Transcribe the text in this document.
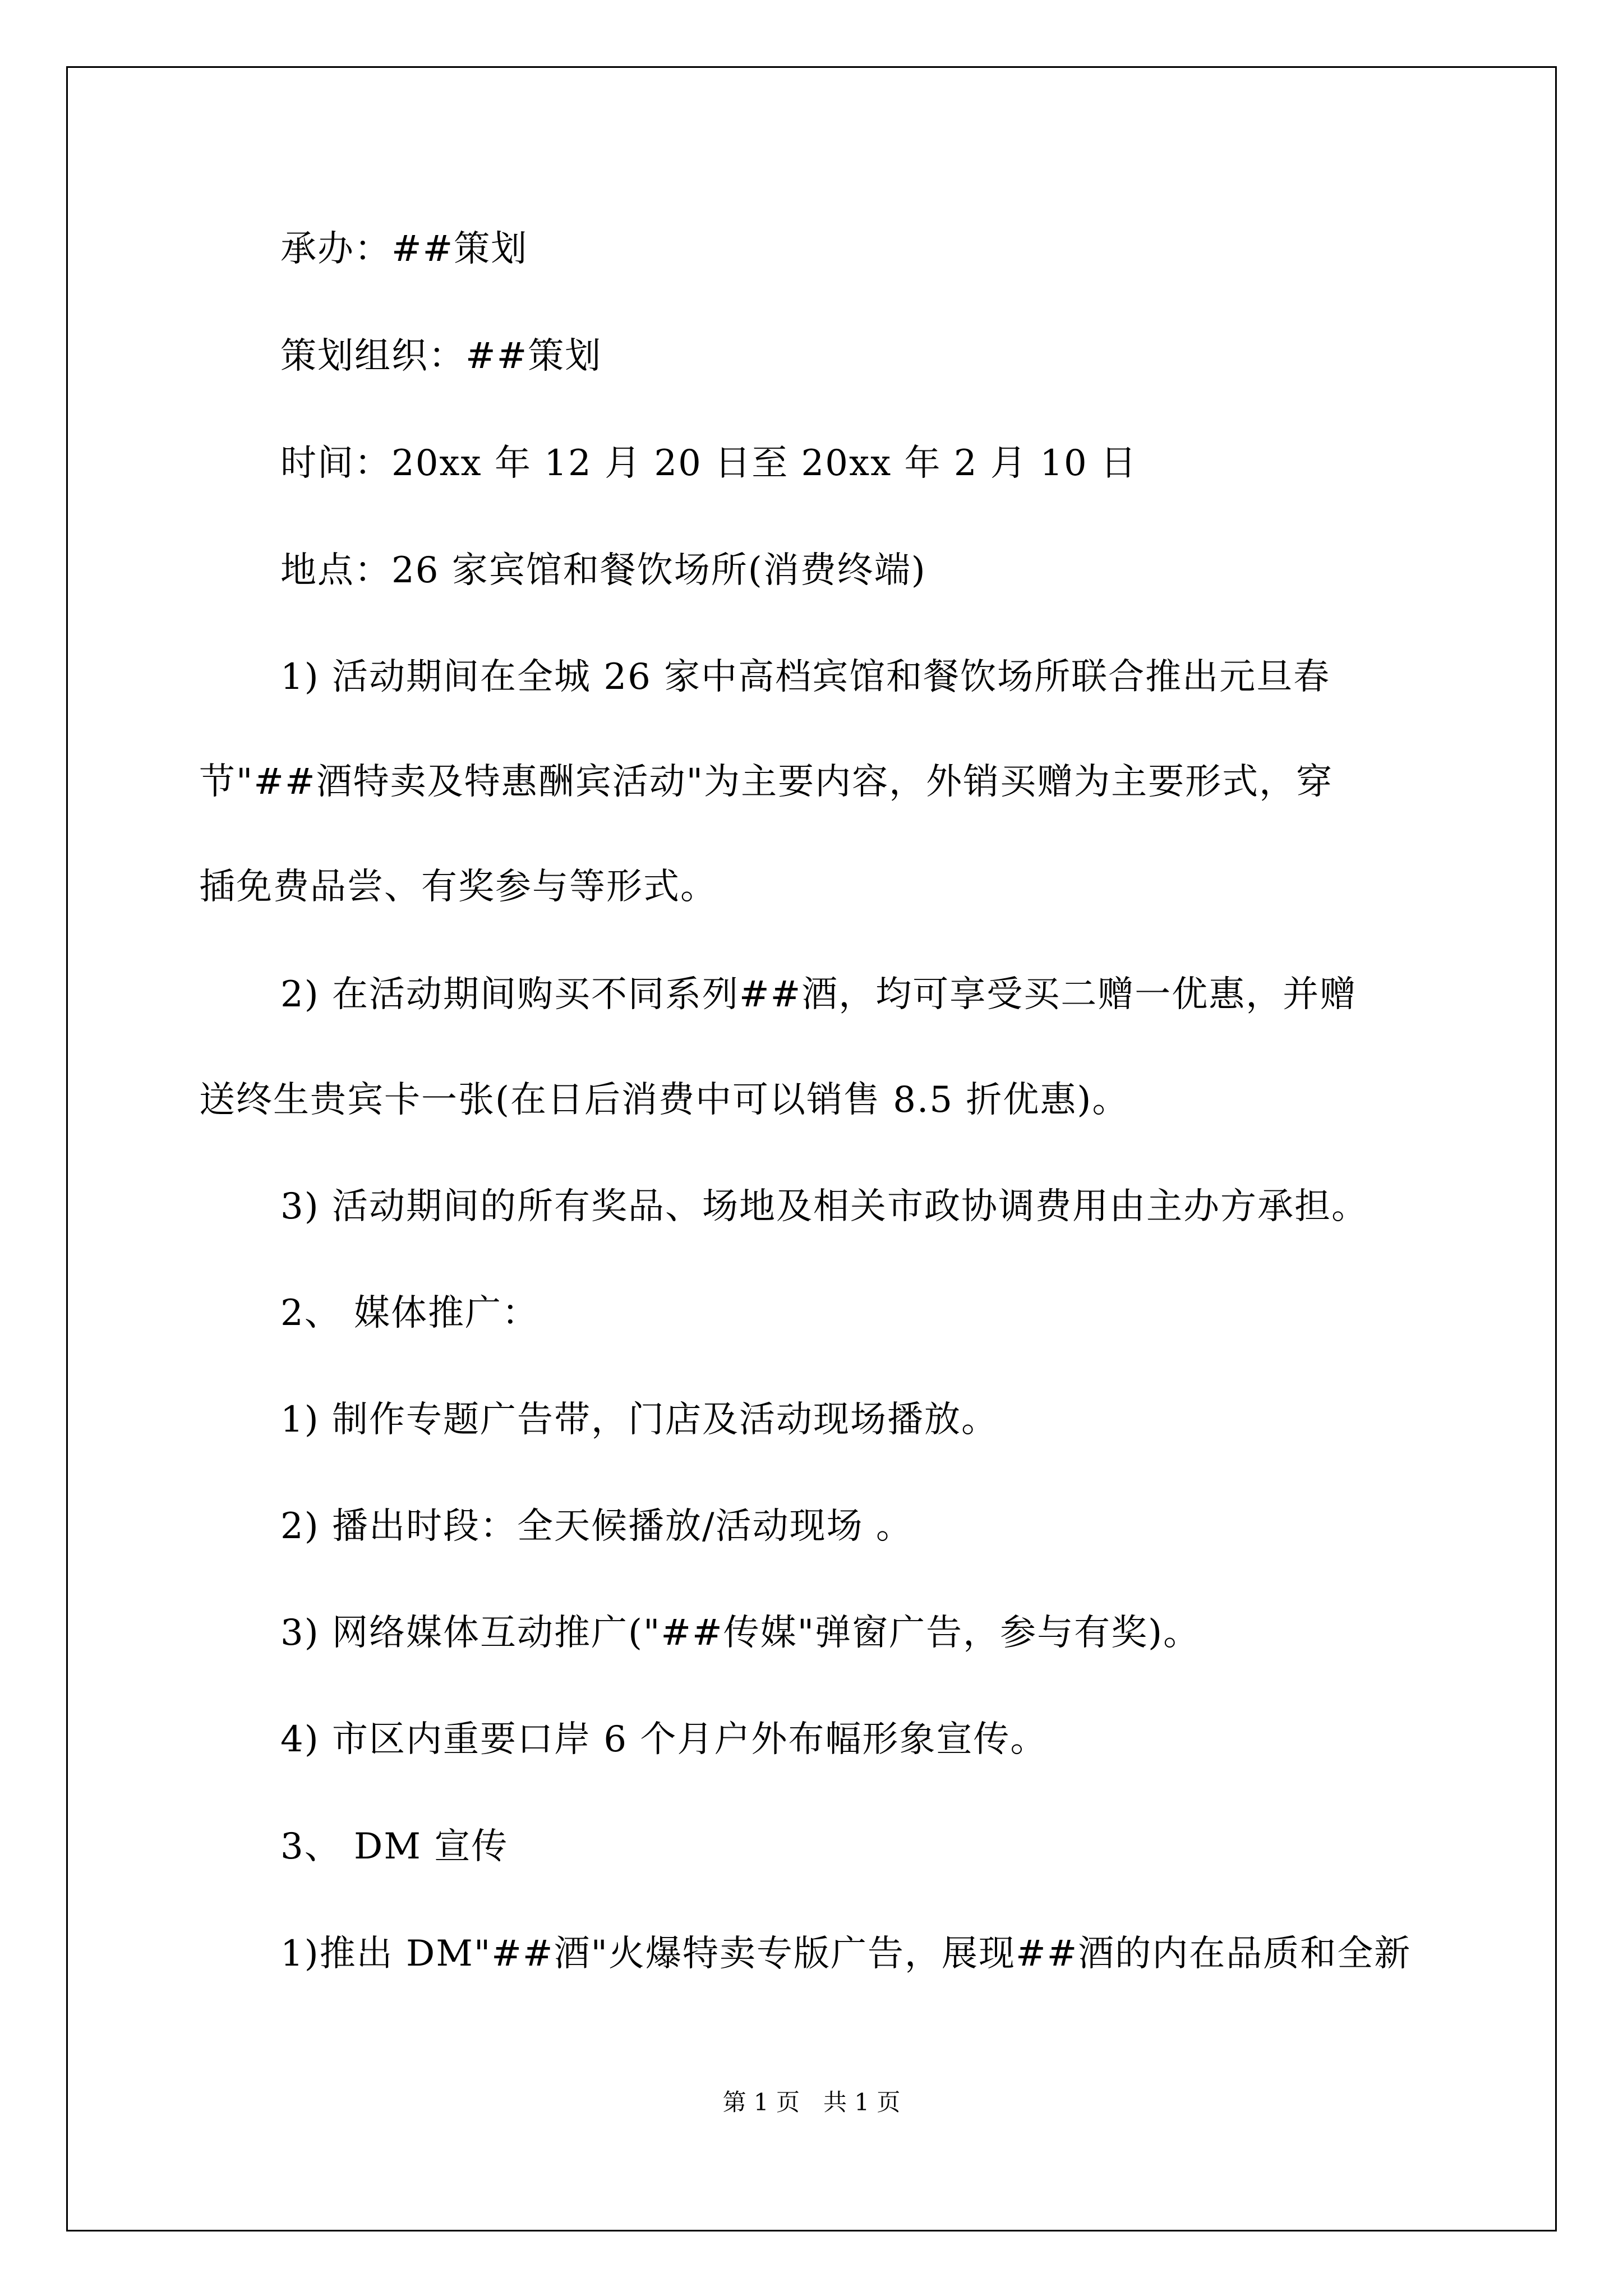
承办：##策划

策划组织：##策划

时间：20xx 年 12 月 20 日至 20xx 年 2 月 10 日

地点：26 家宾馆和餐饮场所(消费终端)

1) 活动期间在全城 26 家中高档宾馆和餐饮场所联合推出元旦春

节"##酒特卖及特惠酬宾活动"为主要内容，外销买赠为主要形式，穿

插免费品尝、有奖参与等形式。

2) 在活动期间购买不同系列##酒，均可享受买二赠一优惠，并赠

送终生贵宾卡一张(在日后消费中可以销售 8.5 折优惠)。

3) 活动期间的所有奖品、场地及相关市政协调费用由主办方承担。

2、 媒体推广：

1) 制作专题广告带，门店及活动现场播放。

2) 播出时段：全天候播放/活动现场 。

3) 网络媒体互动推广("##传媒"弹窗广告，参与有奖)。

4) 市区内重要口岸 6 个月户外布幅形象宣传。

3、 DM 宣传

1)推出 DM"##酒"火爆特卖专版广告，展现##酒的内在品质和全新

第 1 页　共 1 页
